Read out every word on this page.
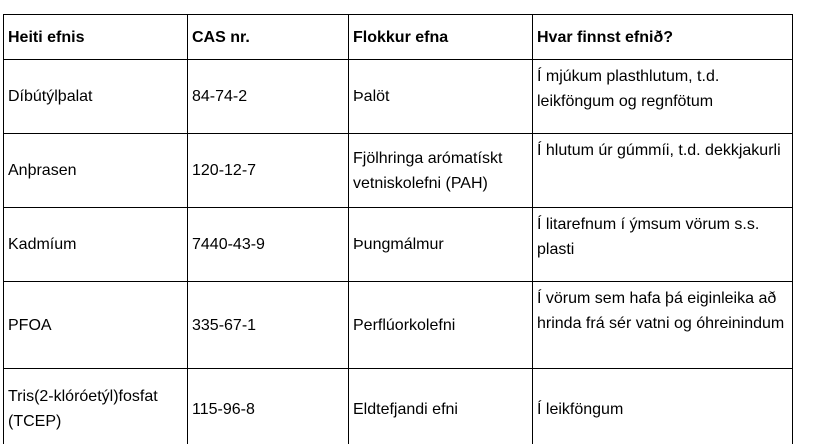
Heiti efnis	CAS nr.	Flokkur efna	Hvar finnst efnið?
Díbútýlþalat	84-74-2	Þalöt	Í mjúkum plasthlutum, t.d. leikföngum og regnfötum
Anþrasen	120-12-7	Fjölhringa arómatískt vetniskolefni (PAH)	Í hlutum úr gúmmíi, t.d. dekkjakurli
Kadmíum	7440-43-9	Þungmálmur	Í litarefnum í ýmsum vörum s.s. plasti
PFOA	335-67-1	Perflúorkolefni	Í vörum sem hafa þá eiginleika að hrinda frá sér vatni og óhreinindum
Tris(2-klóróetýl)fosfat (TCEP)	115-96-8	Eldtefjandi efni	Í leikföngum
